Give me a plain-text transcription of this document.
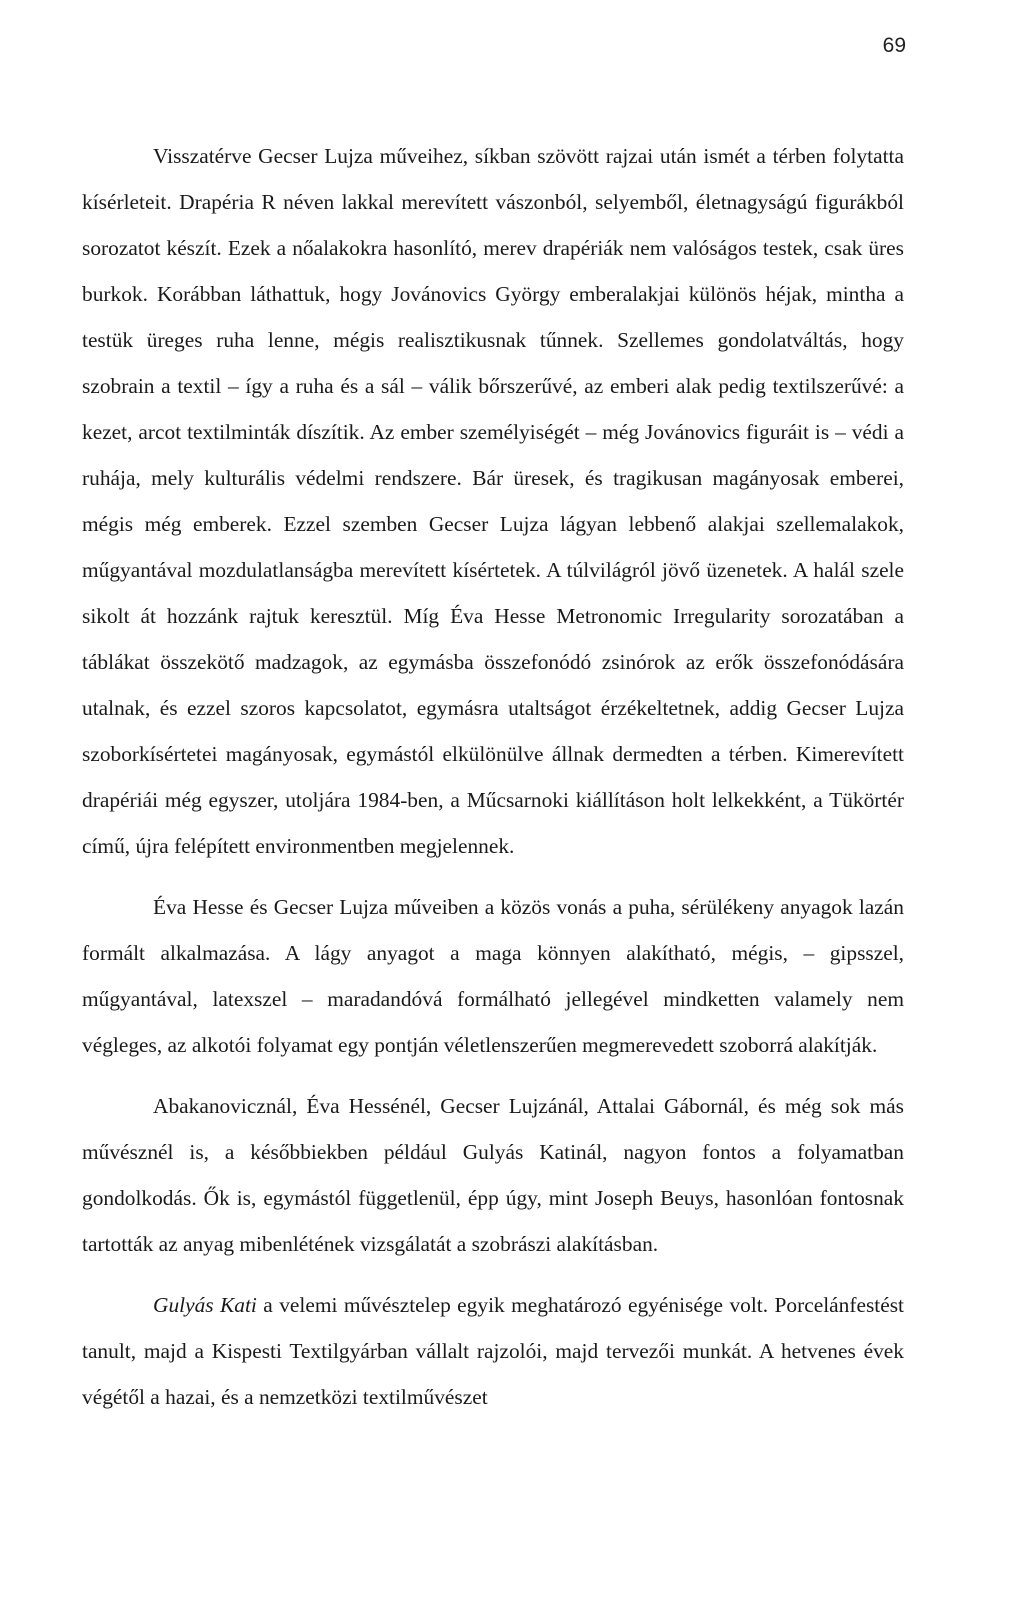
69

Visszatérve Gecser Lujza műveihez, síkban szövött rajzai után ismét a térben folytatta kísérleteit. Drapéria R néven lakkal merevített vászonból, selyemből, életnagyságú figurákból sorozatot készít. Ezek a nőalakokra hasonlító, merev drapériák nem valóságos testek, csak üres burkok. Korábban láthattuk, hogy Jovánovics György emberalakjai különös héjak, mintha a testük üreges ruha lenne, mégis realisztikusnak tűnnek. Szellemes gondolatváltás, hogy szobrain a textil – így a ruha és a sál – válik bőrszerűvé, az emberi alak pedig textilszerűvé: a kezet, arcot textilminták díszítik. Az ember személyiségét – még Jovánovics figuráit is – védi a ruhája, mely kulturális védelmi rendszere. Bár üresek, és tragikusan magányosak emberei, mégis még emberek. Ezzel szemben Gecser Lujza lágyan lebbenő alakjai szellemalakok, műgyantával mozdulatlanságba merevített kísértetek. A túlvilágról jövő üzenetek. A halál szele sikolt át hozzánk rajtuk keresztül. Míg Éva Hesse Metronomic Irregularity sorozatában a táblákat összekötő madzagok, az egymásba összefonódó zsinórok az erők összefonódására utalnak, és ezzel szoros kapcsolatot, egymásra utaltságot érzékeltetnek, addig Gecser Lujza szoborkísértetei magányosak, egymástól elkülönülve állnak dermedten a térben. Kimerevített drapériái még egyszer, utoljára 1984-ben, a Műcsarnoki kiállításon holt lelkekként, a Tükörtér című, újra felépített environmentben megjelennek.

Éva Hesse és Gecser Lujza műveiben a közös vonás a puha, sérülékeny anyagok lazán formált alkalmazása. A lágy anyagot a maga könnyen alakítható, mégis, – gipsszel, műgyantával, latexszel – maradandóvá formálható jellegével mindketten valamely nem végleges, az alkotói folyamat egy pontján véletlenszerűen megmerevedett szoborrá alakítják.

Abakanovicznál, Éva Hessénél, Gecser Lujzánál, Attalai Gábornál, és még sok más művésznél is, a későbbiekben például Gulyás Katinál, nagyon fontos a folyamatban gondolkodás. Ők is, egymástól függetlenül, épp úgy, mint Joseph Beuys, hasonlóan fontosnak tartották az anyag mibenlétének vizsgálatát a szobrászi alakításban.

Gulyás Kati a velemi művésztelep egyik meghatározó egyénisége volt. Porcelánfestést tanult, majd a Kispesti Textilgyárban vállalt rajzolói, majd tervezői munkát. A hetvenes évek végétől a hazai, és a nemzetközi textilművészet
